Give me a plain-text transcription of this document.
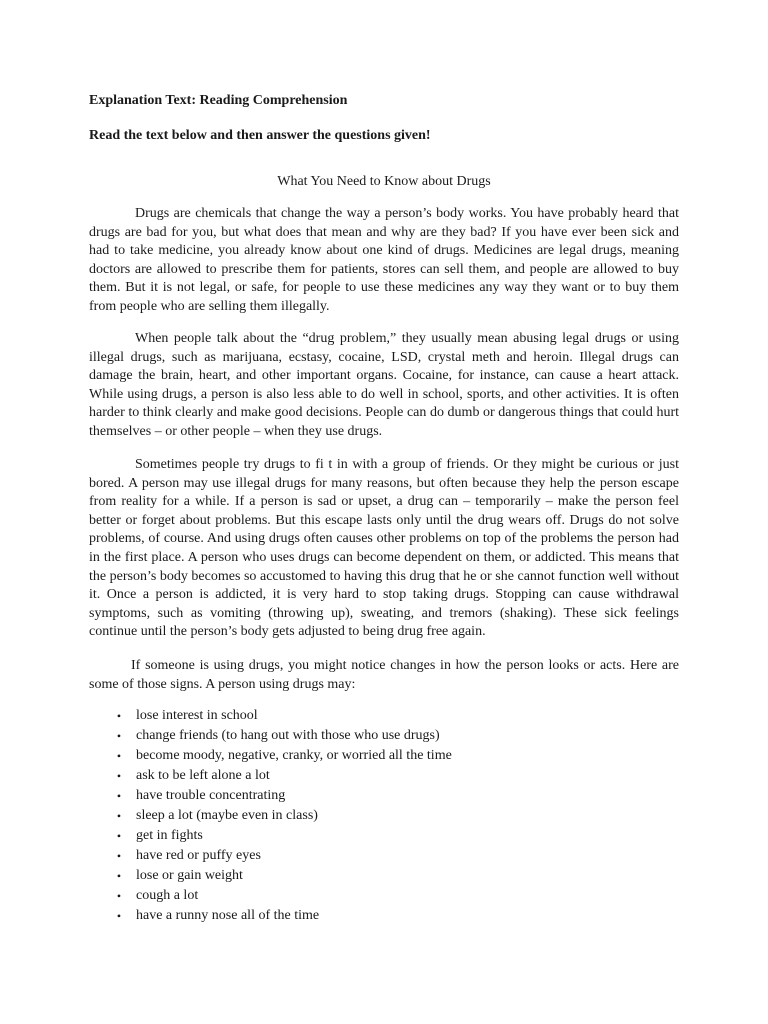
Explanation Text: Reading Comprehension
Read the text below and then answer the questions given!
What You Need to Know about Drugs

Drugs are chemicals that change the way a person’s body works. You have probably heard that drugs are bad for you, but what does that mean and why are they bad? If you have ever been sick and had to take medicine, you already know about one kind of drugs. Medicines are legal drugs, meaning doctors are allowed to prescribe them for patients, stores can sell them, and people are allowed to buy them. But it is not legal, or safe, for people to use these medicines any way they want or to buy them from people who are selling them illegally.

When people talk about the “drug problem,” they usually mean abusing legal drugs or using illegal drugs, such as marijuana, ecstasy, cocaine, LSD, crystal meth and heroin. Illegal drugs can damage the brain, heart, and other important organs. Cocaine, for instance, can cause a heart attack. While using drugs, a person is also less able to do well in school, sports, and other activities. It is often harder to think clearly and make good decisions. People can do dumb or dangerous things that could hurt themselves – or other people – when they use drugs.

Sometimes people try drugs to fi t in with a group of friends. Or they might be curious or just bored. A person may use illegal drugs for many reasons, but often because they help the person escape from reality for a while. If a person is sad or upset, a drug can – temporarily – make the person feel better or forget about problems. But this escape lasts only until the drug wears off. Drugs do not solve problems, of course. And using drugs often causes other problems on top of the problems the person had in the first place. A person who uses drugs can become dependent on them, or addicted. This means that the person’s body becomes so accustomed to having this drug that he or she cannot function well without it. Once a person is addicted, it is very hard to stop taking drugs. Stopping can cause withdrawal symptoms, such as vomiting (throwing up), sweating, and tremors (shaking). These sick feelings continue until the person’s body gets adjusted to being drug free again.

If someone is using drugs, you might notice changes in how the person looks or acts. Here are some of those signs. A person using drugs may:

• lose interest in school
• change friends (to hang out with those who use drugs)
• become moody, negative, cranky, or worried all the time
• ask to be left alone a lot
• have trouble concentrating
• sleep a lot (maybe even in class)
• get in fights
• have red or puffy eyes
• lose or gain weight
• cough a lot
• have a runny nose all of the time
